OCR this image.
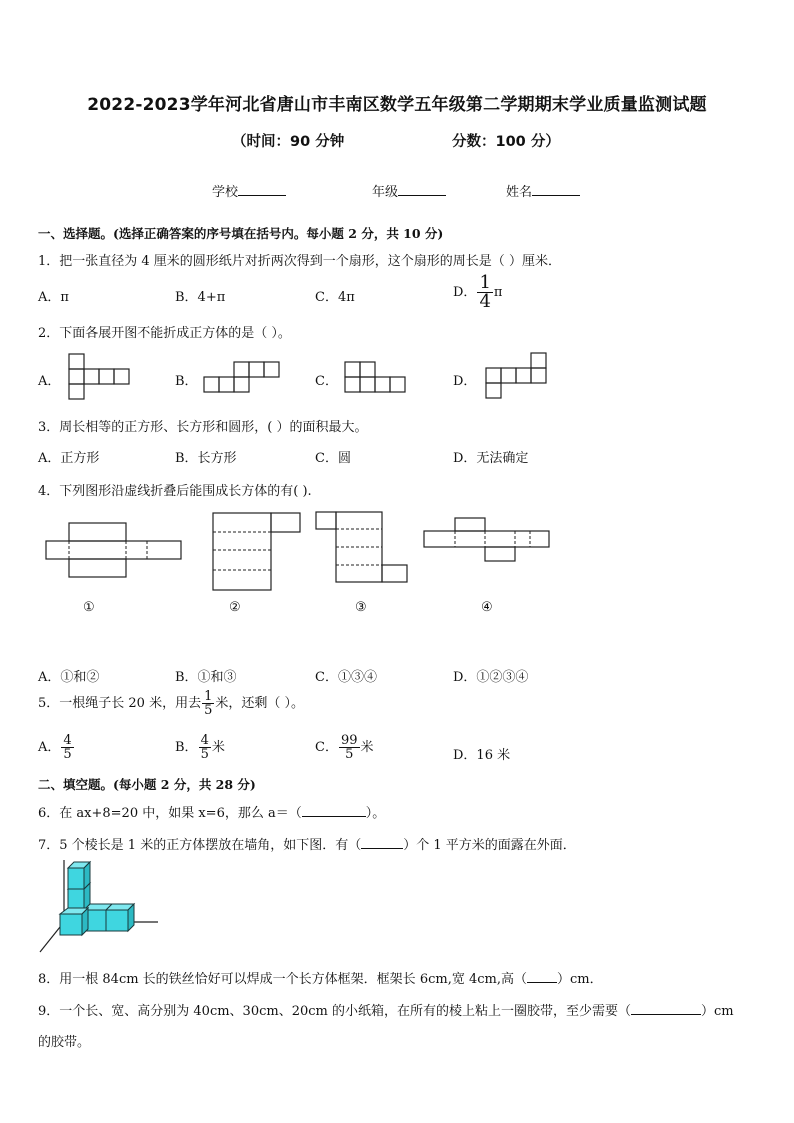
2022-2023学年河北省唐山市丰南区数学五年级第二学期期末学业质量监测试题
（时间：90 分钟	分数：100 分）
学校	年级	姓名
一、选择题。(选择正确答案的序号填在括号内。每小题 2 分，共 10 分)
1．把一张直径为 4 厘米的圆形纸片对折两次得到一个扇形，这个扇形的周长是（ ）厘米．
A．π	B．4+π	C．4π	D． $\frac{1}{4}$ π
2．下面各展开图不能折成正方体的是（ ）。
A．	B．	C．	D．
3．周长相等的正方形、长方形和圆形，( ）的面积最大。
A．正方形	B．长方形	C．圆	D．无法确定
4．下列图形沿虚线折叠后能围成长方体的有( ).
①	②	③	④
A．①和②	B．①和③	C．①③④	D．①②③④
5．一根绳子长 20 米，用去 $\frac{1}{5}$ 米，还剩（ ）。
A． $\frac{4}{5}$	B． $\frac{4}{5}$ 米	C． $\frac{99}{5}$ 米
D．16 米
二、填空题。(每小题 2 分，共 28 分)
6．在 ax+8=20 中，如果 x=6，那么 a＝（	）。
7．5 个棱长是 1 米的正方体摆放在墙角，如下图．有（	）个 1 平方米的面露在外面．
8．用一根 84cm 长的铁丝恰好可以焊成一个长方体框架．框架长 6cm,宽 4cm,高（ ）cm．
9．一个长、宽、高分别为 40cm、30cm、20cm 的小纸箱，在所有的棱上粘上一圈胶带，至少需要（	）cm
的胶带。
